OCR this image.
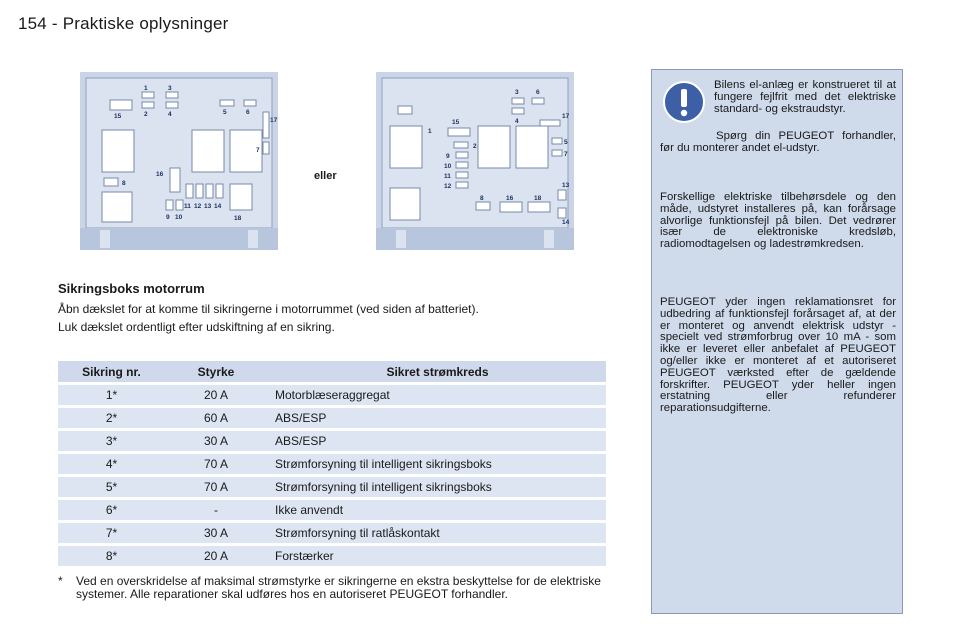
154 - Praktiske oplysninger
1
2
3
4	5	6
7
8
9 10
11 12 13 14
15
16
17
18
eller
1
2
3
4
5
6
7
8
9
10
11
12	13
14
15
16
17
18
Sikringsboks motorrum
Åbn dækslet for at komme til sikringerne i motorrummet (ved siden af batteriet).
Luk dækslet ordentligt efter udskiftning af en sikring.
Sikring nr.	Styrke	Sikret strømkreds
1*	20 A	Motorblæseraggregat
2*	60 A	ABS/ESP
3*	30 A	ABS/ESP
4*	70 A	Strømforsyning til intelligent sikringsboks
5*	70 A	Strømforsyning til intelligent sikringsboks
6*	-	Ikke anvendt
7*	30 A	Strømforsyning til ratlåskontakt
8*	20 A	Forstærker
* Ved en overskridelse af maksimal strømstyrke er sikringerne en ekstra beskyttelse for de elektriske systemer. Alle reparationer skal udføres hos en autoriseret PEUGEOT forhandler.
Bilens el-anlæg er konstrueret til at fungere fejlfrit med det elektriske standard- og ekstraudstyr.
Spørg din PEUGEOT forhandler, før du monterer andet el-udstyr.
Forskellige elektriske tilbehørsdele og den måde, udstyret installeres på, kan forårsage alvorlige funktionsfejl på bilen. Det vedrører især de elektroniske kredsløb, radiomodtagelsen og ladestrømkredsen.
PEUGEOT yder ingen reklamationsret for udbedring af funktionsfejl forårsaget af, at der er monteret og anvendt elektrisk udstyr - specielt ved strømforbrug over 10 mA - som ikke er leveret eller anbefalet af PEUGEOT og/eller ikke er monteret af et autoriseret PEUGEOT værksted efter de gældende forskrifter. PEUGEOT yder heller ingen erstatning eller refunderer reparationsudgifterne.
